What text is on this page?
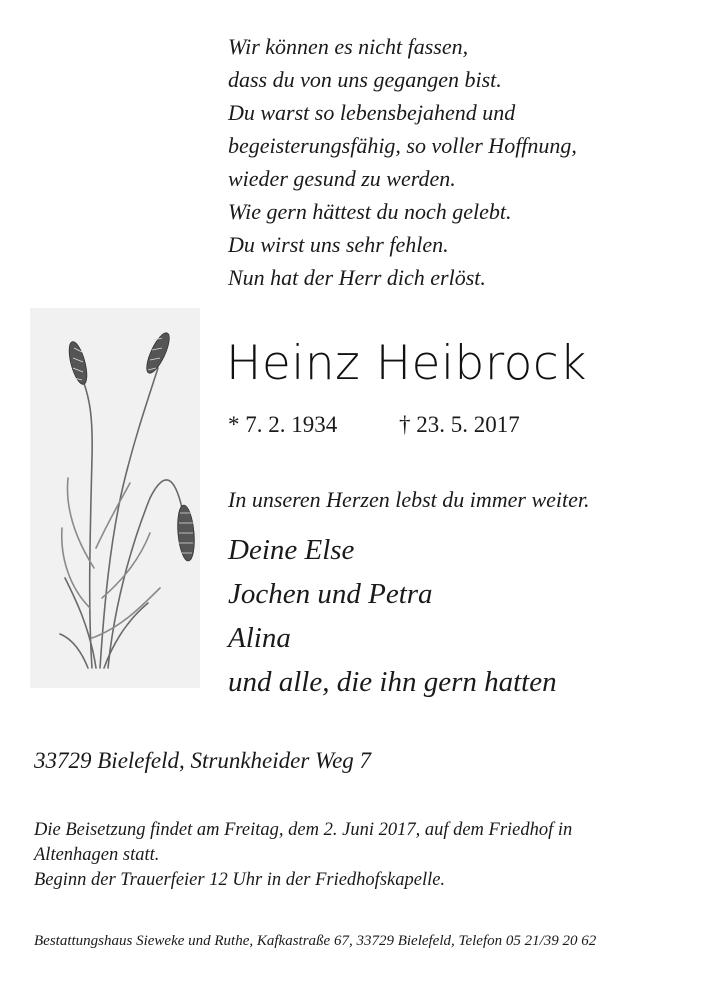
Wir können es nicht fassen,
dass du von uns gegangen bist.
Du warst so lebensbejahend und
begeisterungsfähig, so voller Hoffnung,
wieder gesund zu werden.
Wie gern hättest du noch gelebt.
Du wirst uns sehr fehlen.
Nun hat der Herr dich erlöst.
Heinz Heibrock
* 7. 2. 1934	† 23. 5. 2017
In unseren Herzen lebst du immer weiter.
Deine Else
Jochen und Petra
Alina
und alle, die ihn gern hatten
33729 Bielefeld, Strunkheider Weg 7
Die Beisetzung findet am Freitag, dem 2. Juni 2017, auf dem Friedhof in
Altenhagen statt.
Beginn der Trauerfeier 12 Uhr in der Friedhofskapelle.
Bestattungshaus Sieweke und Ruthe, Kafkastraße 67, 33729 Bielefeld, Telefon 05 21/39 20 62
